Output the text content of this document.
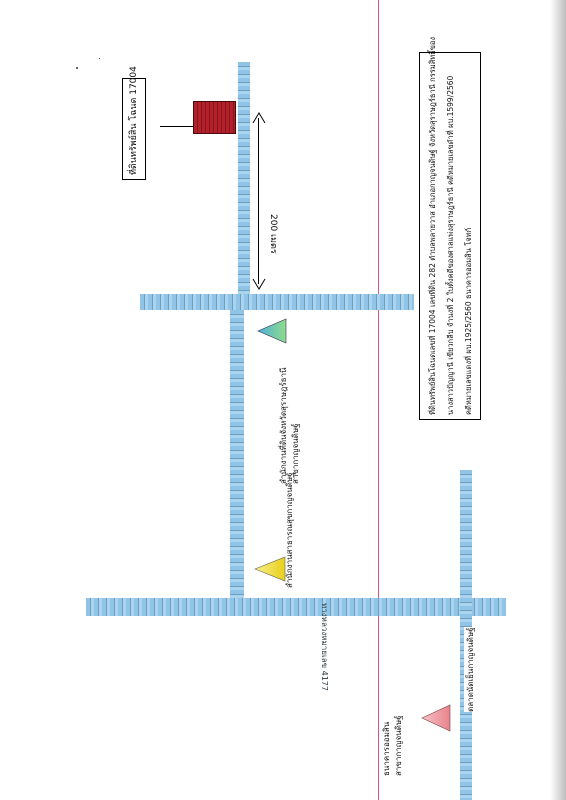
ที่ดินทรัพย์สิน โฉนด 17004
200 เมตร
สำนักงานที่ดินจังหวัดสุราษฎร์ธานี
สาขากาญจนดิษฐ์
สำนักงานสาธารณสุขกาญจนดิษฐ์
ทางหลวงหมายเลข 4177	ตลาดนัดเย็นกาญจนดิษฐ์
ธนาคารออมสิน
สาขากาญจนดิษฐ์
ที่ดินทรัพย์สินโฉนดเลขที่ 17004 เลขที่ดิน 282 ตำบลพลายวาส อำเภอกาญจนดิษฐ์ จังหวัดสุราษฎร์ธานี กรรมสิทธิ์ของ นางสาวปัญญานี เขียวกลีบ จำนงที่ 2 ใบตั้งคดีของศาลแพ่งสุราษฎร์ธานี คดีหมายเลขดำที่ ผบ.1599/2560 คดีหมายเลขแดงที่ ผบ.1925/2560 ธนาคารออมสิน โจทก์
